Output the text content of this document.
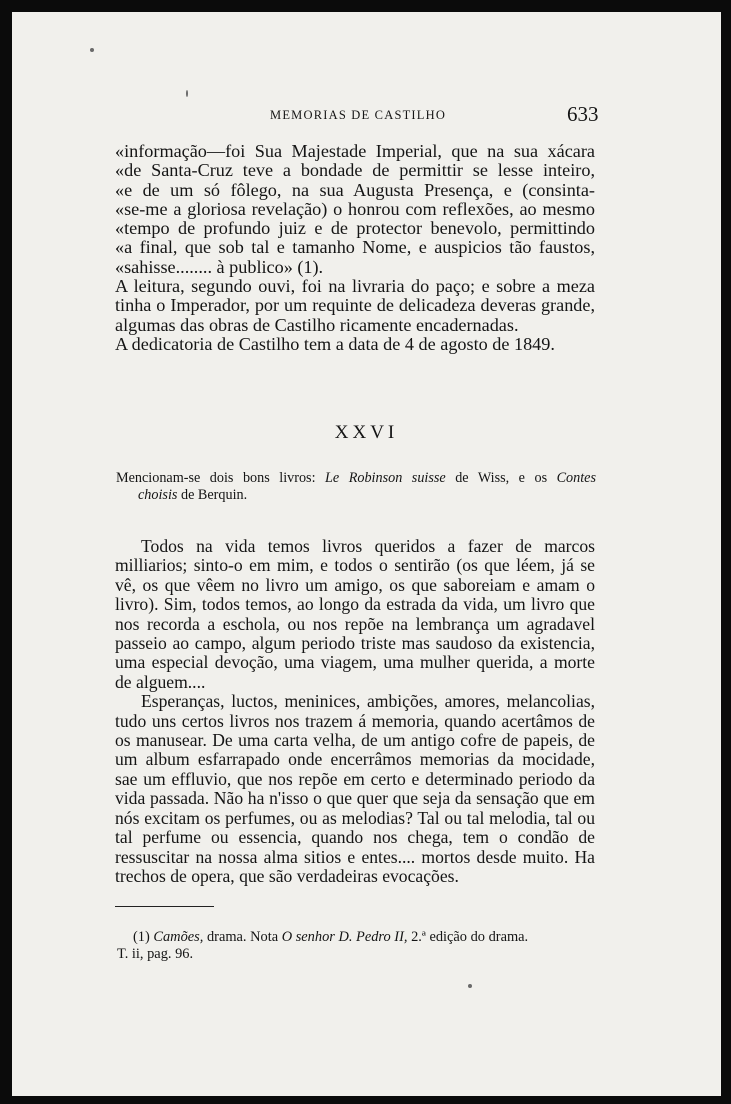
MEMORIAS DE CASTILHO	633

«informação—foi Sua Majestade Imperial, que na sua xácara

«de Santa-Cruz teve a bondade de permittir se lesse inteiro,

«e de um só fôlego, na sua Augusta Presença, e (consinta-

«se-me a gloriosa revelação) o honrou com reflexões, ao mesmo

«tempo de profundo juiz e de protector benevolo, permittindo

«a final, que sob tal e tamanho Nome, e auspicios tão faustos,

«sahisse........ à publico» (1).

A leitura, segundo ouvi, foi na livraria do paço; e sobre a meza tinha o Imperador, por um requinte de delicadeza deveras grande, algumas das obras de Castilho ricamente encadernadas.

A dedicatoria de Castilho tem a data de 4 de agosto de 1849.

XXVI
Mencionam-se dois bons livros: Le Robinson suisse de Wiss, e os Contes
choisis de Berquin.

Todos na vida temos livros queridos a fazer de marcos milliarios; sinto-o em mim, e todos o sentirão (os que léem, já se vê, os que vêem no livro um amigo, os que saboreiam e amam o livro). Sim, todos temos, ao longo da estrada da vida, um livro que nos recorda a eschola, ou nos repõe na lembrança um agradavel passeio ao campo, algum periodo triste mas saudoso da existencia, uma especial devoção, uma viagem, uma mulher querida, a morte de alguem....

Esperanças, luctos, meninices, ambições, amores, melancolias, tudo uns certos livros nos trazem á memoria, quando acertâmos de os manusear. De uma carta velha, de um antigo cofre de papeis, de um album esfarrapado onde encerrâmos memorias da mocidade, sae um effluvio, que nos repõe em certo e determinado periodo da vida passada. Não ha n'isso o que quer que seja da sensação que em nós excitam os perfumes, ou as melodias? Tal ou tal melodia, tal ou tal perfume ou essencia, quando nos chega, tem o condão de ressuscitar na nossa alma sitios e entes.... mortos desde muito. Ha trechos de opera, que são verdadeiras evocações.

(1) Camões, drama. Nota O senhor D. Pedro II, 2.ª edição do drama.
T. ii, pag. 96.
